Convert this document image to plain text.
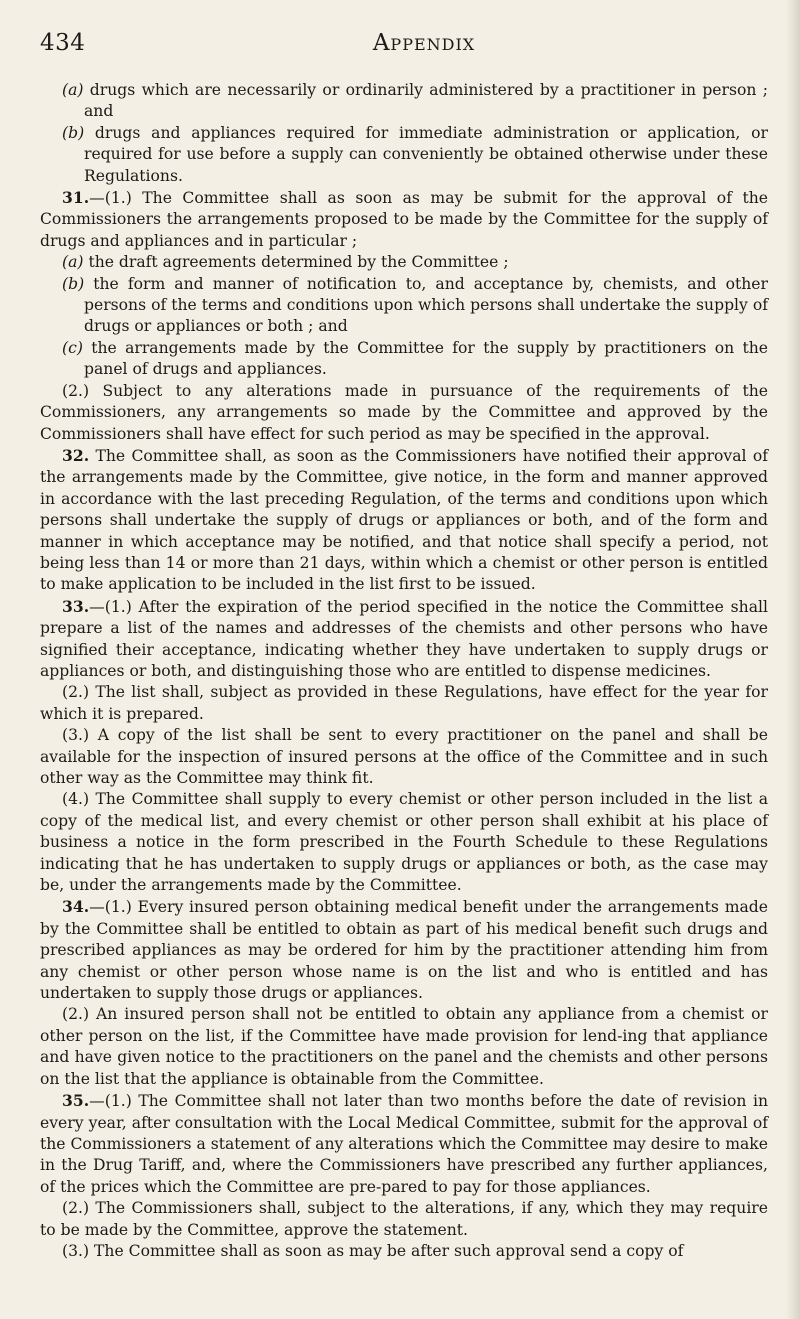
434	Appendix

(a) drugs which are necessarily or ordinarily administered by a practitioner in person ; and

(b) drugs and appliances required for immediate administration or application, or required for use before a supply can conveniently be obtained otherwise under these Regulations.

31.—(1.) The Committee shall as soon as may be submit for the approval of the Commissioners the arrangements proposed to be made by the Committee for the supply of drugs and appliances and in particular ;

(a) the draft agreements determined by the Committee ;

(b) the form and manner of notification to, and acceptance by, chemists, and other persons of the terms and conditions upon which persons shall undertake the supply of drugs or appliances or both ; and

(c) the arrangements made by the Committee for the supply by practitioners on the panel of drugs and appliances.

(2.) Subject to any alterations made in pursuance of the requirements of the Commissioners, any arrangements so made by the Committee and approved by the Commissioners shall have effect for such period as may be specified in the approval.

32. The Committee shall, as soon as the Commissioners have notified their approval of the arrangements made by the Committee, give notice, in the form and manner approved in accordance with the last preceding Regulation, of the terms and conditions upon which persons shall undertake the supply of drugs or appliances or both, and of the form and manner in which acceptance may be notified, and that notice shall specify a period, not being less than 14 or more than 21 days, within which a chemist or other person is entitled to make application to be included in the list first to be issued.

33.—(1.) After the expiration of the period specified in the notice the Committee shall prepare a list of the names and addresses of the chemists and other persons who have signified their acceptance, indicating whether they have undertaken to supply drugs or appliances or both, and distinguishing those who are entitled to dispense medicines.

(2.) The list shall, subject as provided in these Regulations, have effect for the year for which it is prepared.

(3.) A copy of the list shall be sent to every practitioner on the panel and shall be available for the inspection of insured persons at the office of the Committee and in such other way as the Committee may think fit.

(4.) The Committee shall supply to every chemist or other person included in the list a copy of the medical list, and every chemist or other person shall exhibit at his place of business a notice in the form prescribed in the Fourth Schedule to these Regulations indicating that he has undertaken to supply drugs or appliances or both, as the case may be, under the arrangements made by the Committee.

34.—(1.) Every insured person obtaining medical benefit under the arrangements made by the Committee shall be entitled to obtain as part of his medical benefit such drugs and prescribed appliances as may be ordered for him by the practitioner attending him from any chemist or other person whose name is on the list and who is entitled and has undertaken to supply those drugs or appliances.

(2.) An insured person shall not be entitled to obtain any appliance from a chemist or other person on the list, if the Committee have made provision for lend-ing that appliance and have given notice to the practitioners on the panel and the chemists and other persons on the list that the appliance is obtainable from the Committee.

35.—(1.) The Committee shall not later than two months before the date of revision in every year, after consultation with the Local Medical Committee, submit for the approval of the Commissioners a statement of any alterations which the Committee may desire to make in the Drug Tariff, and, where the Commissioners have prescribed any further appliances, of the prices which the Committee are pre-pared to pay for those appliances.

(2.) The Commissioners shall, subject to the alterations, if any, which they may require to be made by the Committee, approve the statement.

(3.) The Committee shall as soon as may be after such approval send a copy of
